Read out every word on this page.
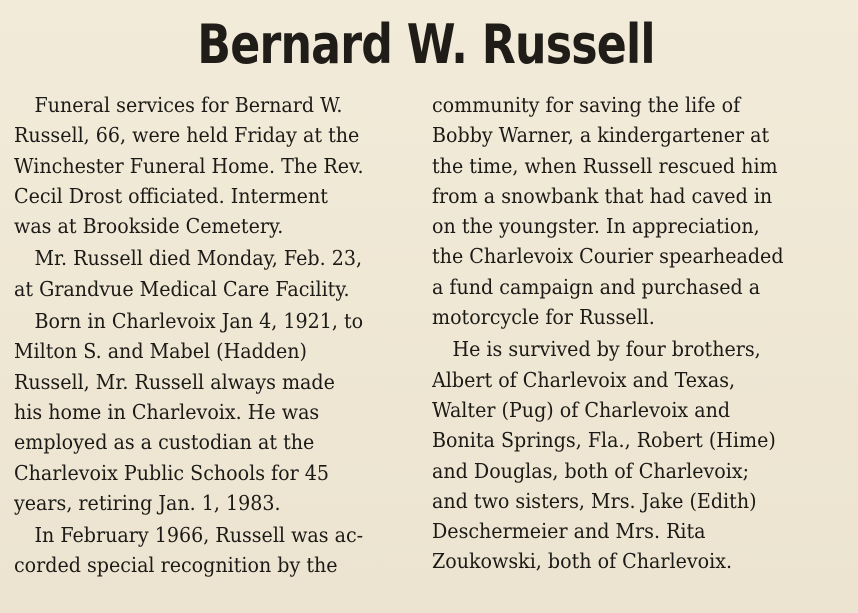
Bernard W. Russell

Funeral services for Bernard W.
Russell, 66, were held Friday at the
Winchester Funeral Home. The Rev.
Cecil Drost officiated. Interment
was at Brookside Cemetery.

Mr. Russell died Monday, Feb. 23,
at Grandvue Medical Care Facility.

Born in Charlevoix Jan 4, 1921, to
Milton S. and Mabel (Hadden)
Russell, Mr. Russell always made
his home in Charlevoix. He was
employed as a custodian at the
Charlevoix Public Schools for 45
years, retiring Jan. 1, 1983.

In February 1966, Russell was ac-
corded special recognition by the

community for saving the life of
Bobby Warner, a kindergartener at
the time, when Russell rescued him
from a snowbank that had caved in
on the youngster. In appreciation,
the Charlevoix Courier spearheaded
a fund campaign and purchased a
motorcycle for Russell.

He is survived by four brothers,
Albert of Charlevoix and Texas,
Walter (Pug) of Charlevoix and
Bonita Springs, Fla., Robert (Hime)
and Douglas, both of Charlevoix;
and two sisters, Mrs. Jake (Edith)
Deschermeier and Mrs. Rita
Zoukowski, both of Charlevoix.
